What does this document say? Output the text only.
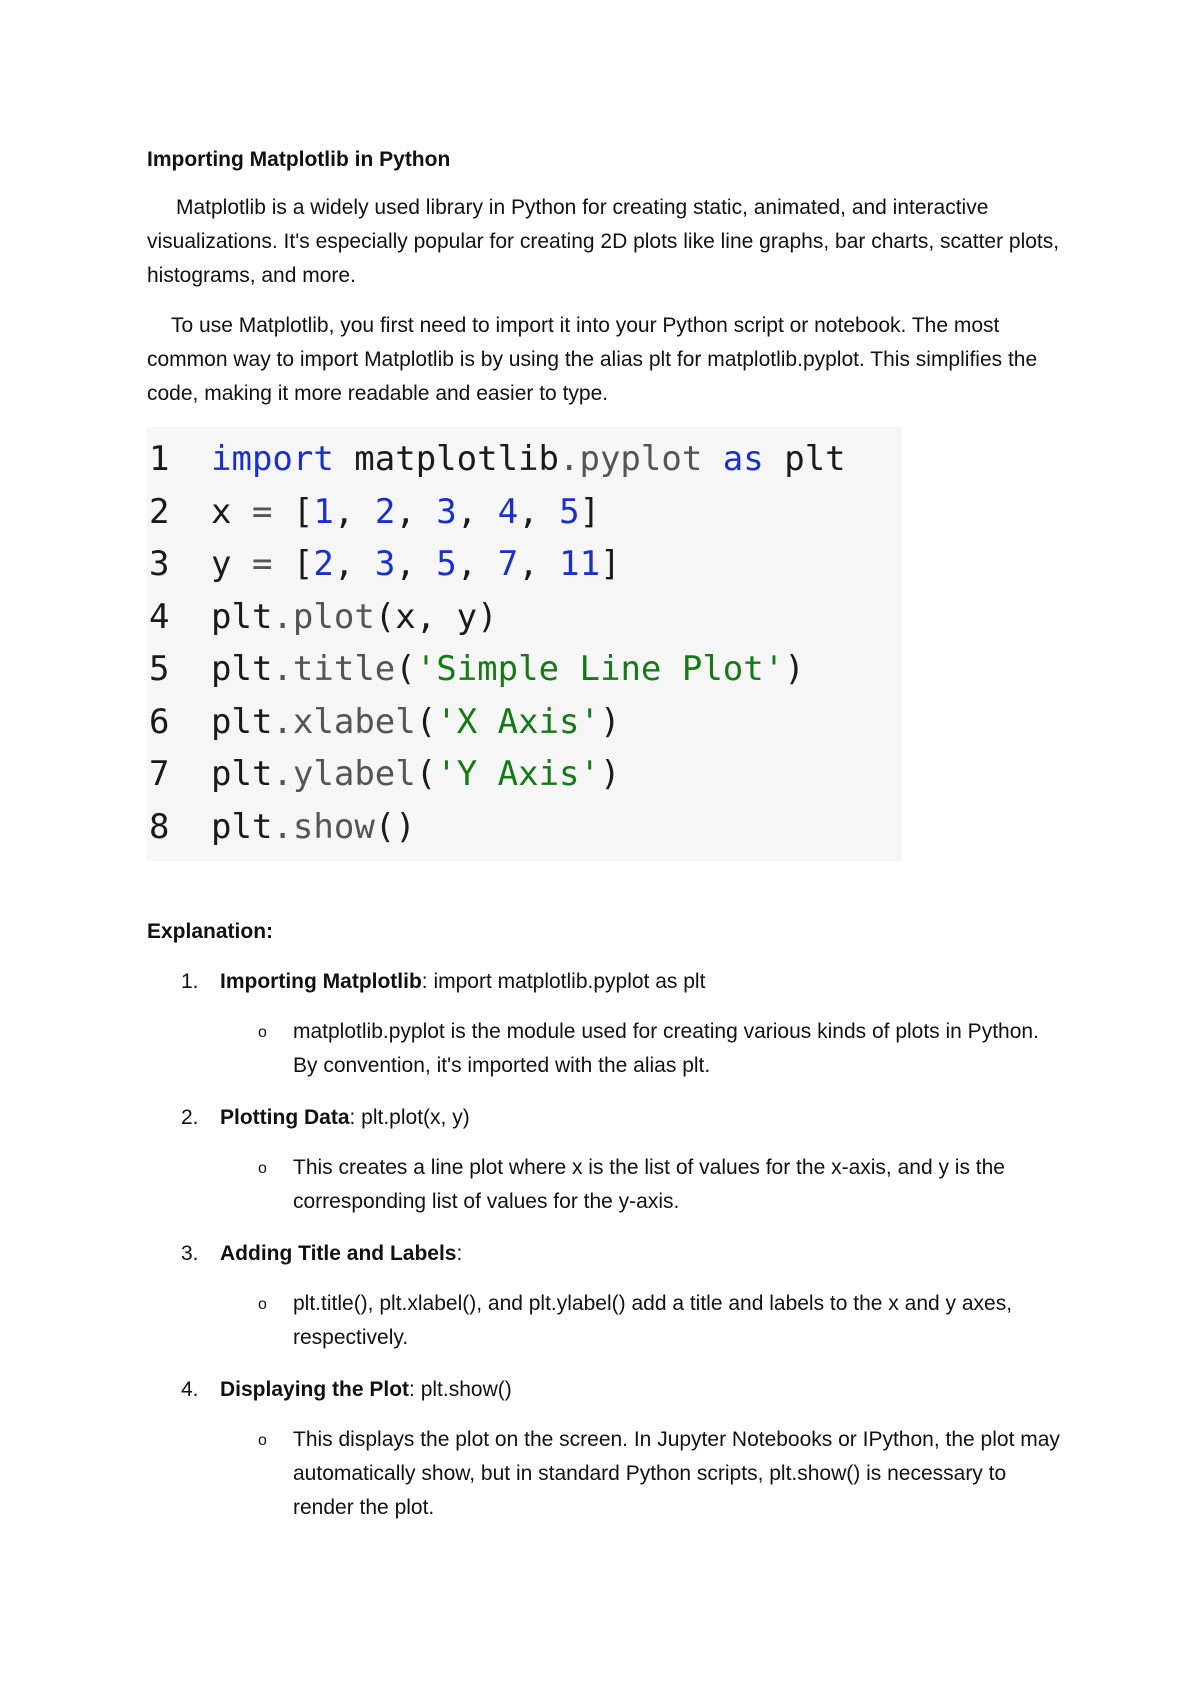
Importing Matplotlib in Python

Matplotlib is a widely used library in Python for creating static, animated, and interactive visualizations. It's especially popular for creating 2D plots like line graphs, bar charts, scatter plots, histograms, and more.

To use Matplotlib, you first need to import it into your Python script or notebook. The most common way to import Matplotlib is by using the alias plt for matplotlib.pyplot. This simplifies the code, making it more readable and easier to type.

1 import matplotlib.pyplot as plt
2 x = [1, 2, 3, 4, 5]
3 y = [2, 3, 5, 7, 11]
4 plt.plot(x, y)
5 plt.title('Simple Line Plot')
6 plt.xlabel('X Axis')
7 plt.ylabel('Y Axis')
8 plt.show()
Explanation:
1. Importing Matplotlib: import matplotlib.pyplot as plt
o matplotlib.pyplot is the module used for creating various kinds of plots in Python. By convention, it's imported with the alias plt.
2. Plotting Data: plt.plot(x, y)
o This creates a line plot where x is the list of values for the x-axis, and y is the corresponding list of values for the y-axis.
3. Adding Title and Labels:
o plt.title(), plt.xlabel(), and plt.ylabel() add a title and labels to the x and y axes, respectively.
4. Displaying the Plot: plt.show()
o This displays the plot on the screen. In Jupyter Notebooks or IPython, the plot may automatically show, but in standard Python scripts, plt.show() is necessary to render the plot.
